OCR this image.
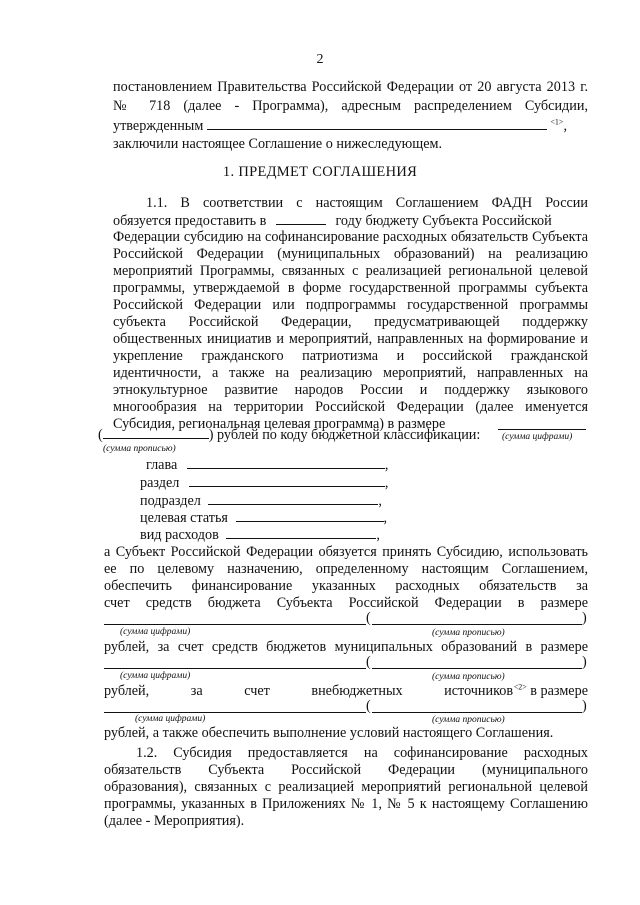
2
постановлением Правительства Российской Федерации от 20 августа 2013 г.
№ 718 (далее - Программа), адресным распределением Субсидии,
утвержденным	$^{<1>}$,
заключили настоящее Соглашение о нижеследующем.
1. ПРЕДМЕТ СОГЛАШЕНИЯ
1.1. В соответствии с настоящим Соглашением ФАДН России
обязуется предоставить в	году бюджету Субъекта Российской
Федерации субсидию на софинансирование расходных обязательств Субъекта
Российской Федерации (муниципальных образований) на реализацию
мероприятий Программы, связанных с реализацией региональной целевой
программы, утверждаемой в форме государственной программы субъекта
Российской Федерации или подпрограммы государственной программы
субъекта Российской Федерации, предусматривающей поддержку
общественных инициатив и мероприятий, направленных на формирование и
укрепление гражданского патриотизма и российской гражданской
идентичности, а также на реализацию мероприятий, направленных на
этнокультурное развитие народов России и поддержку языкового
многообразия на территории Российской Федерации (далее именуется
Субсидия, региональная целевая программа) в размере
(	) рублей по коду бюджетной классификации: (сумма цифрами)
(сумма прописью)
глава	,
раздел	,
подраздел	,
целевая статья	,
вид расходов	,
а Субъект Российской Федерации обязуется принять Субсидию, использовать
ее по целевому назначению, определенному настоящим Соглашением,
обеспечить финансирование указанных расходных обязательств за
счет средств бюджета Субъекта Российской Федерации в размере
(	)
(сумма цифрами)	(сумма прописью)
рублей, за счет средств бюджетов муниципальных образований в размере
(	)
(сумма цифрами)	(сумма прописью)
рублей, за счет внебюджетных источников $^{<2>}$ в размере
(	)
(сумма цифрами)	(сумма прописью)
рублей, а также обеспечить выполнение условий настоящего Соглашения.
1.2. Субсидия предоставляется на софинансирование расходных
обязательств Субъекта Российской Федерации (муниципального
образования), связанных с реализацией мероприятий региональной целевой
программы, указанных в Приложениях № 1, № 5 к настоящему Соглашению
(далее - Мероприятия).
